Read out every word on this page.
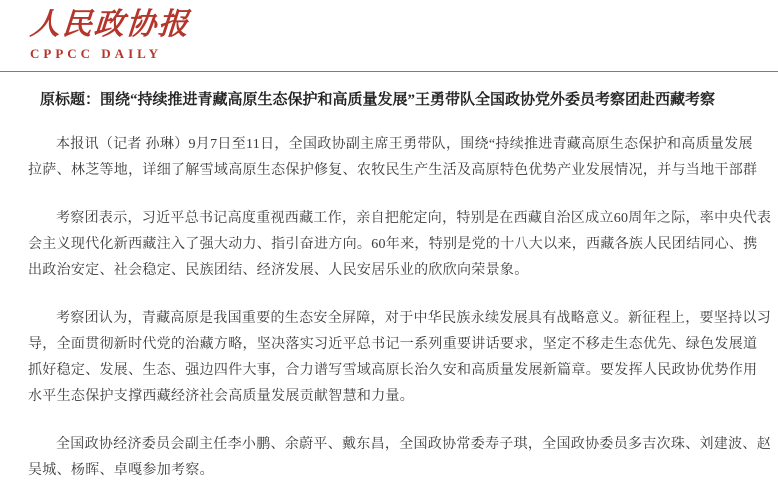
人民政协报
CPPCC DAILY
原标题：围绕“持续推进青藏高原生态保护和高质量发展”王勇带队全国政协党外委员考察团赴西藏考察
本报讯（记者 孙琳）9月7日至11日，全国政协副主席王勇带队，围绕“持续推进青藏高原生态保护和高质量发展
拉萨、林芝等地，详细了解雪域高原生态保护修复、农牧民生产生活及高原特色优势产业发展情况，并与当地干部群
考察团表示，习近平总书记高度重视西藏工作，亲自把舵定向，特别是在西藏自治区成立60周年之际，率中央代表
会主义现代化新西藏注入了强大动力、指引奋进方向。60年来，特别是党的十八大以来，西藏各族人民团结同心、携
出政治安定、社会稳定、民族团结、经济发展、人民安居乐业的欣欣向荣景象。
考察团认为，青藏高原是我国重要的生态安全屏障，对于中华民族永续发展具有战略意义。新征程上，要坚持以习
导，全面贯彻新时代党的治藏方略，坚决落实习近平总书记一系列重要讲话要求，坚定不移走生态优先、绿色发展道
抓好稳定、发展、生态、强边四件大事，合力谱写雪域高原长治久安和高质量发展新篇章。要发挥人民政协优势作用
水平生态保护支撑西藏经济社会高质量发展贡献智慧和力量。
全国政协经济委员会副主任李小鹏、余蔚平、戴东昌，全国政协常委寿子琪，全国政协委员多吉次珠、刘建波、赵
吴城、杨晖、卓嘎参加考察。
